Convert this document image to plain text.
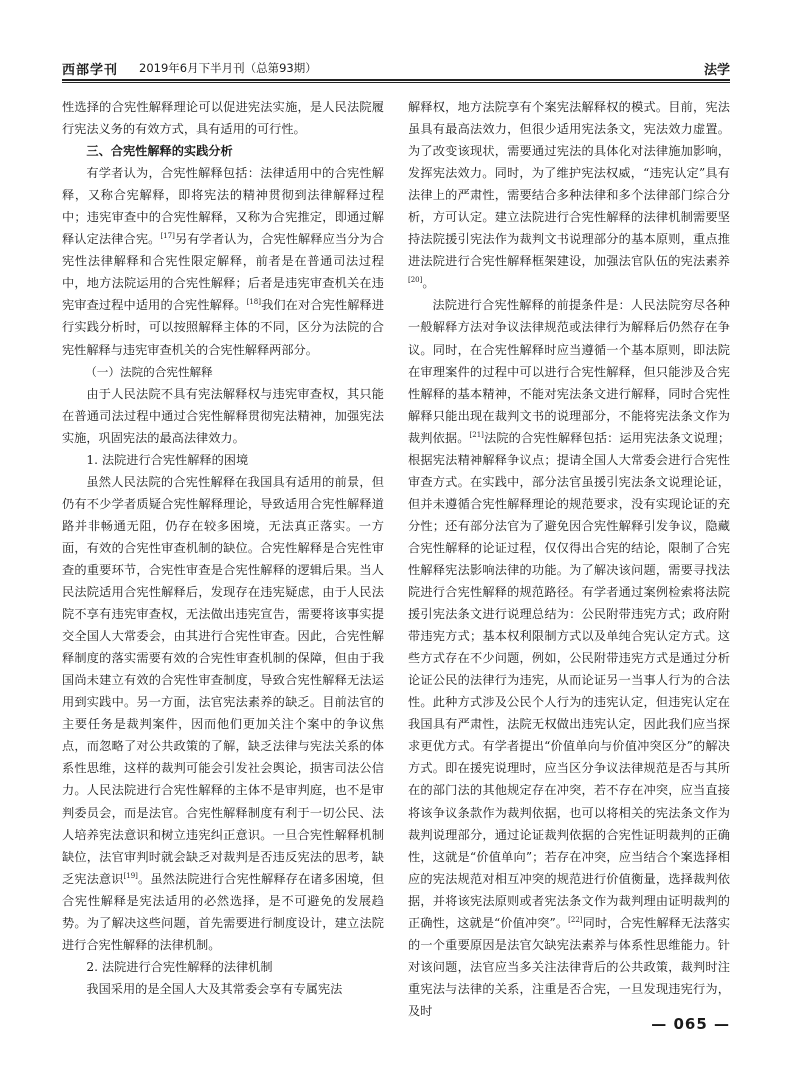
西部学刊 2019年6月下半月刊（总第93期）	法学

性选择的合宪性解释理论可以促进宪法实施，是人民法院履行宪法义务的有效方式，具有适用的可行性。

三、合宪性解释的实践分析

有学者认为，合宪性解释包括：法律适用中的合宪性解释，又称合宪解释，即将宪法的精神贯彻到法律解释过程中；违宪审查中的合宪性解释，又称为合宪推定，即通过解释认定法律合宪。[17]另有学者认为，合宪性解释应当分为合宪性法律解释和合宪性限定解释，前者是在普通司法过程中，地方法院运用的合宪性解释；后者是违宪审查机关在违宪审查过程中适用的合宪性解释。[18]我们在对合宪性解释进行实践分析时，可以按照解释主体的不同，区分为法院的合宪性解释与违宪审查机关的合宪性解释两部分。

（一）法院的合宪性解释

由于人民法院不具有宪法解释权与违宪审查权，其只能在普通司法过程中通过合宪性解释贯彻宪法精神，加强宪法实施，巩固宪法的最高法律效力。

1. 法院进行合宪性解释的困境

虽然人民法院的合宪性解释在我国具有适用的前景，但仍有不少学者质疑合宪性解释理论，导致适用合宪性解释道路并非畅通无阻，仍存在较多困境，无法真正落实。一方面，有效的合宪性审查机制的缺位。合宪性解释是合宪性审查的重要环节，合宪性审查是合宪性解释的逻辑后果。当人民法院适用合宪性解释后，发现存在违宪疑虑，由于人民法院不享有违宪审查权，无法做出违宪宣告，需要将该事实提交全国人大常委会，由其进行合宪性审查。因此，合宪性解释制度的落实需要有效的合宪性审查机制的保障，但由于我国尚未建立有效的合宪性审查制度，导致合宪性解释无法运用到实践中。另一方面，法官宪法素养的缺乏。目前法官的主要任务是裁判案件，因而他们更加关注个案中的争议焦点，而忽略了对公共政策的了解，缺乏法律与宪法关系的体系性思维，这样的裁判可能会引发社会舆论，损害司法公信力。人民法院进行合宪性解释的主体不是审判庭，也不是审判委员会，而是法官。合宪性解释制度有利于一切公民、法人培养宪法意识和树立违宪纠正意识。一旦合宪性解释机制缺位，法官审判时就会缺乏对裁判是否违反宪法的思考，缺乏宪法意识[19]。虽然法院进行合宪性解释存在诸多困境，但合宪性解释是宪法适用的必然选择，是不可避免的发展趋势。为了解决这些问题，首先需要进行制度设计，建立法院进行合宪性解释的法律机制。

2. 法院进行合宪性解释的法律机制

我国采用的是全国人大及其常委会享有专属宪法

解释权，地方法院享有个案宪法解释权的模式。目前，宪法虽具有最高法效力，但很少适用宪法条文，宪法效力虚置。为了改变该现状，需要通过宪法的具体化对法律施加影响，发挥宪法效力。同时，为了维护宪法权威，“违宪认定”具有法律上的严肃性，需要结合多种法律和多个法律部门综合分析，方可认定。建立法院进行合宪性解释的法律机制需要坚持法院援引宪法作为裁判文书说理部分的基本原则，重点推进法院进行合宪性解释框架建设，加强法官队伍的宪法素养[20]。

法院进行合宪性解释的前提条件是：人民法院穷尽各种一般解释方法对争议法律规范或法律行为解释后仍然存在争议。同时，在合宪性解释时应当遵循一个基本原则，即法院在审理案件的过程中可以进行合宪性解释，但只能涉及合宪性解释的基本精神，不能对宪法条文进行解释，同时合宪性解释只能出现在裁判文书的说理部分，不能将宪法条文作为裁判依据。[21]法院的合宪性解释包括：运用宪法条文说理；根据宪法精神解释争议点；提请全国人大常委会进行合宪性审查方式。在实践中，部分法官虽援引宪法条文说理论证，但并未遵循合宪性解释理论的规范要求，没有实现论证的充分性；还有部分法官为了避免因合宪性解释引发争议，隐藏合宪性解释的论证过程，仅仅得出合宪的结论，限制了合宪性解释宪法影响法律的功能。为了解决该问题，需要寻找法院进行合宪性解释的规范路径。有学者通过案例检索将法院援引宪法条文进行说理总结为：公民附带违宪方式；政府附带违宪方式；基本权利限制方式以及单纯合宪认定方式。这些方式存在不少问题，例如，公民附带违宪方式是通过分析论证公民的法律行为违宪，从而论证另一当事人行为的合法性。此种方式涉及公民个人行为的违宪认定，但违宪认定在我国具有严肃性，法院无权做出违宪认定，因此我们应当探求更优方式。有学者提出“价值单向与价值冲突区分”的解决方式。即在援宪说理时，应当区分争议法律规范是否与其所在的部门法的其他规定存在冲突，若不存在冲突，应当直接将该争议条款作为裁判依据，也可以将相关的宪法条文作为裁判说理部分，通过论证裁判依据的合宪性证明裁判的正确性，这就是“价值单向”；若存在冲突，应当结合个案选择相应的宪法规范对相互冲突的规范进行价值衡量，选择裁判依据，并将该宪法原则或者宪法条文作为裁判理由证明裁判的正确性，这就是“价值冲突”。[22]同时，合宪性解释无法落实的一个重要原因是法官欠缺宪法素养与体系性思维能力。针对该问题，法官应当多关注法律背后的公共政策，裁判时注重宪法与法律的关系，注重是否合宪，一旦发现违宪行为，及时

— 065 —
